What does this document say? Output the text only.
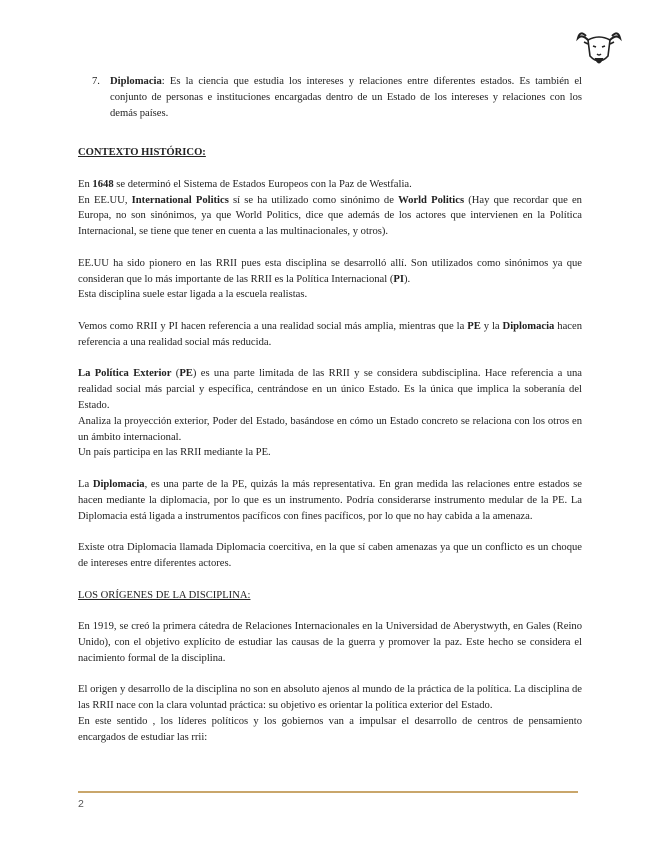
7. Diplomacia: Es la ciencia que estudia los intereses y relaciones entre diferentes estados. Es también el conjunto de personas e instituciones encargadas dentro de un Estado de los intereses y relaciones con los demás países.

CONTEXTO HISTÓRICO:

En 1648 se determinó el Sistema de Estados Europeos con la Paz de Westfalia.

En EE.UU, International Politics sí se ha utilizado como sinónimo de World Politics (Hay que recordar que en Europa, no son sinónimos, ya que World Politics, dice que además de los actores que intervienen en la Política Internacional, se tiene que tener en cuenta a las multinacionales, y otros).

EE.UU ha sido pionero en las RRII pues esta disciplina se desarrolló allí. Son utilizados como sinónimos ya que consideran que lo más importante de las RRII es la Política Internacional (PI).

Esta disciplina suele estar ligada a la escuela realistas.

Vemos como RRII y PI hacen referencia a una realidad social más amplia, mientras que la PE y la Diplomacia hacen referencia a una realidad social más reducida.

La Política Exterior (PE) es una parte limitada de las RRII y se considera subdisciplina. Hace referencia a una realidad social más parcial y específica, centrándose en un único Estado. Es la única que implica la soberanía del Estado.

Analiza la proyección exterior, Poder del Estado, basándose en cómo un Estado concreto se relaciona con los otros en un ámbito internacional.

Un país participa en las RRII mediante la PE.

La Diplomacia, es una parte de la PE, quizás la más representativa. En gran medida las relaciones entre estados se hacen mediante la diplomacia, por lo que es un instrumento. Podría considerarse instrumento medular de la PE. La Diplomacia está ligada a instrumentos pacíficos con fines pacíficos, por lo que no hay cabida a la amenaza.

Existe otra Diplomacia llamada Diplomacia coercitiva, en la que sí caben amenazas ya que un conflicto es un choque de intereses entre diferentes actores.

LOS ORÍGENES DE LA DISCIPLINA:

En 1919, se creó la primera cátedra de Relaciones Internacionales en la Universidad de Aberystwyth, en Gales (Reino Unido), con el objetivo explícito de estudiar las causas de la guerra y promover la paz. Este hecho se considera el nacimiento formal de la disciplina.

El origen y desarrollo de la disciplina no son en absoluto ajenos al mundo de la práctica de la política. La disciplina de las RRII nace con la clara voluntad práctica: su objetivo es orientar la política exterior del Estado.

En este sentido , los líderes políticos y los gobiernos van a impulsar el desarrollo de centros de pensamiento encargados de estudiar las rrii:

2
